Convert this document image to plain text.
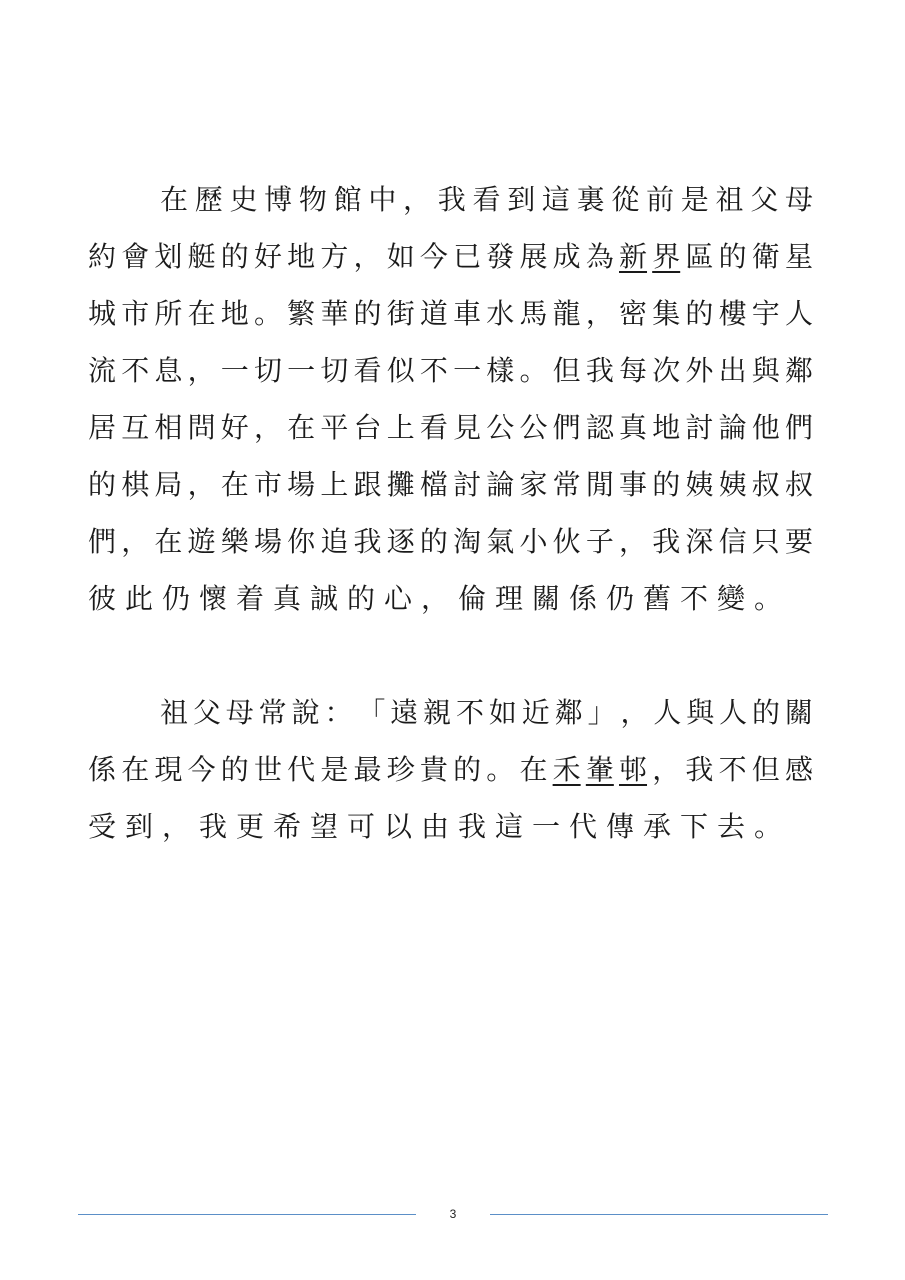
在 歷 史 博 物 館 中 ， 我 看 到 這 裏 從 前 是 祖 父 母
約 會 划 艇 的 好 地 方 ， 如 今 已 發 展 成 為 新 界 區 的 衛 星
城 市 所 在 地 。 繁 華 的 街 道 車 水 馬 龍 ， 密 集 的 樓 宇 人
流 不 息 ， 一 切 一 切 看 似 不 一 樣 。 但 我 每 次 外 出 與 鄰
居 互 相 問 好 ， 在 平 台 上 看 見 公 公 們 認 真 地 討 論 他 們
的 棋 局 ， 在 市 場 上 跟 攤 檔 討 論 家 常 閒 事 的 姨 姨 叔 叔
們 ， 在 遊 樂 場 你 追 我 逐 的 淘 氣 小 伙 子 ， 我 深 信 只 要
彼此仍懷着真誠的心，倫理關係仍舊不變。
祖 父 母 常 說 ： 「 遠 親 不 如 近 鄰 」 ， 人 與 人 的 關
係 在 現 今 的 世 代 是 最 珍 貴 的 。 在 禾 輋 邨 ， 我 不 但 感
受到，我更希望可以由我這一代傳承下去。
3
